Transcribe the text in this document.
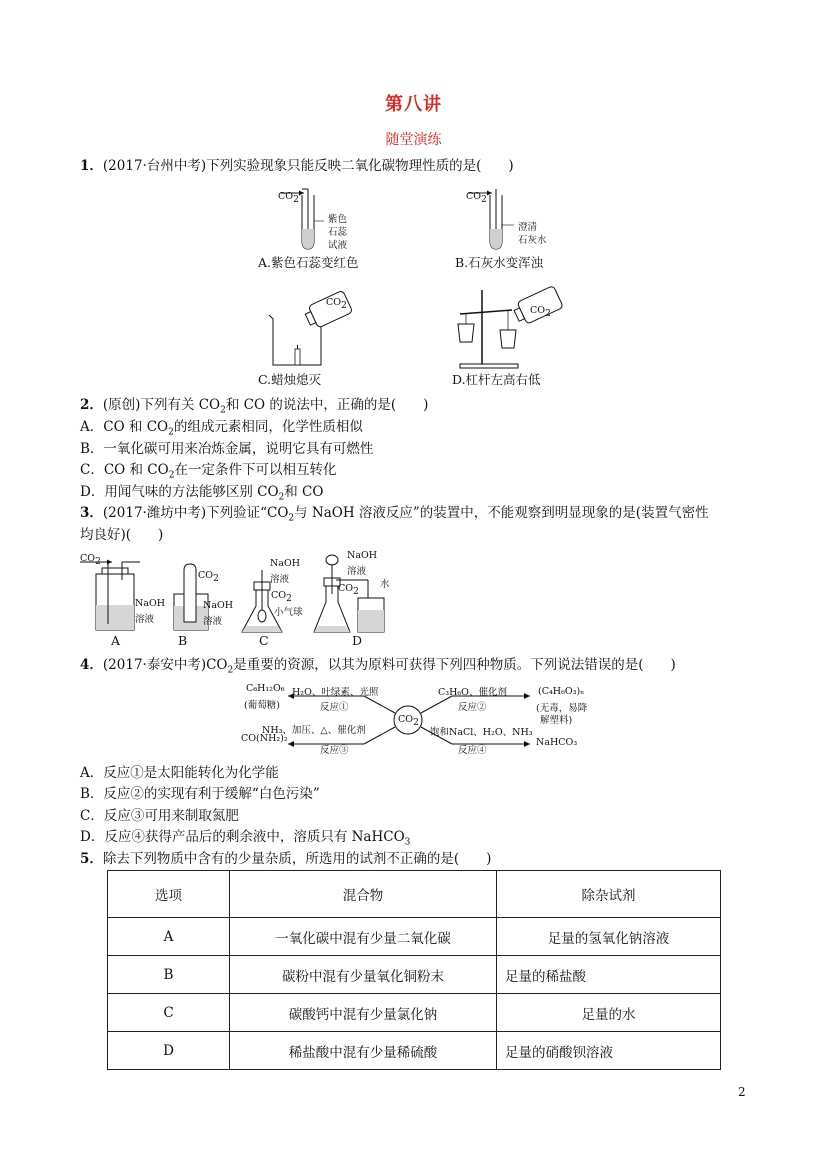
第八讲
随堂演练
1．(2017·台州中考)下列实验现象只能反映二氧化碳物理性质的是(　　)
$CO_2$
紫色
石蕊
试液
A.紫色石蕊变红色
$CO_2$
澄清
石灰水
B.石灰水变浑浊
$CO_2$
C.蜡烛熄灭
$CO_2$
D.杠杆左高右低
2．(原创)下列有关 $CO_2$和 CO 的说法中，正确的是(　　)
A．CO 和 $CO_2$的组成元素相同，化学性质相似
B．一氧化碳可用来冶炼金属，说明它具有可燃性
C．CO 和 $CO_2$在一定条件下可以相互转化
D．用闻气味的方法能够区别 $CO_2$和 CO
3．(2017·潍坊中考)下列验证“$CO_2$与 NaOH 溶液反应”的装置中，不能观察到明显现象的是(装置气密性
均良好)(　　)
$CO_2$
NaOH
溶液
$CO_2$
NaOH
溶液
NaOH
溶液
$CO_2$
小气球
NaOH
溶液
水
$CO_2$
A	B	C	D
4．(2017·泰安中考)$CO_2$是重要的资源，以其为原料可获得下列四种物质。下列说法错误的是(　　)
$CO_2$
C₆H₁₂O₆
(葡萄糖)
H₂O、叶绿素、光照
反应①
C₃H₆O、催化剂
反应②
(C₄H₆O₃)ₙ
(无毒，易降
解塑料)
NH₃、加压、△、催化剂
反应③
CO(NH₂)₂
饱和NaCl、H₂O、NH₃
反应④
NaHCO₃
A．反应①是太阳能转化为化学能
B．反应②的实现有利于缓解“白色污染”
C．反应③可用来制取氮肥
D．反应④获得产品后的剩余液中，溶质只有 NaHCO$_3$
5．除去下列物质中含有的少量杂质，所选用的试剂不正确的是(　　)
选项	混合物	除杂试剂
A	一氧化碳中混有少量二氧化碳	足量的氢氧化钠溶液
B	碳粉中混有少量氧化铜粉末	足量的稀盐酸
C	碳酸钙中混有少量氯化钠	足量的水
D	稀盐酸中混有少量稀硫酸	足量的硝酸钡溶液
2
